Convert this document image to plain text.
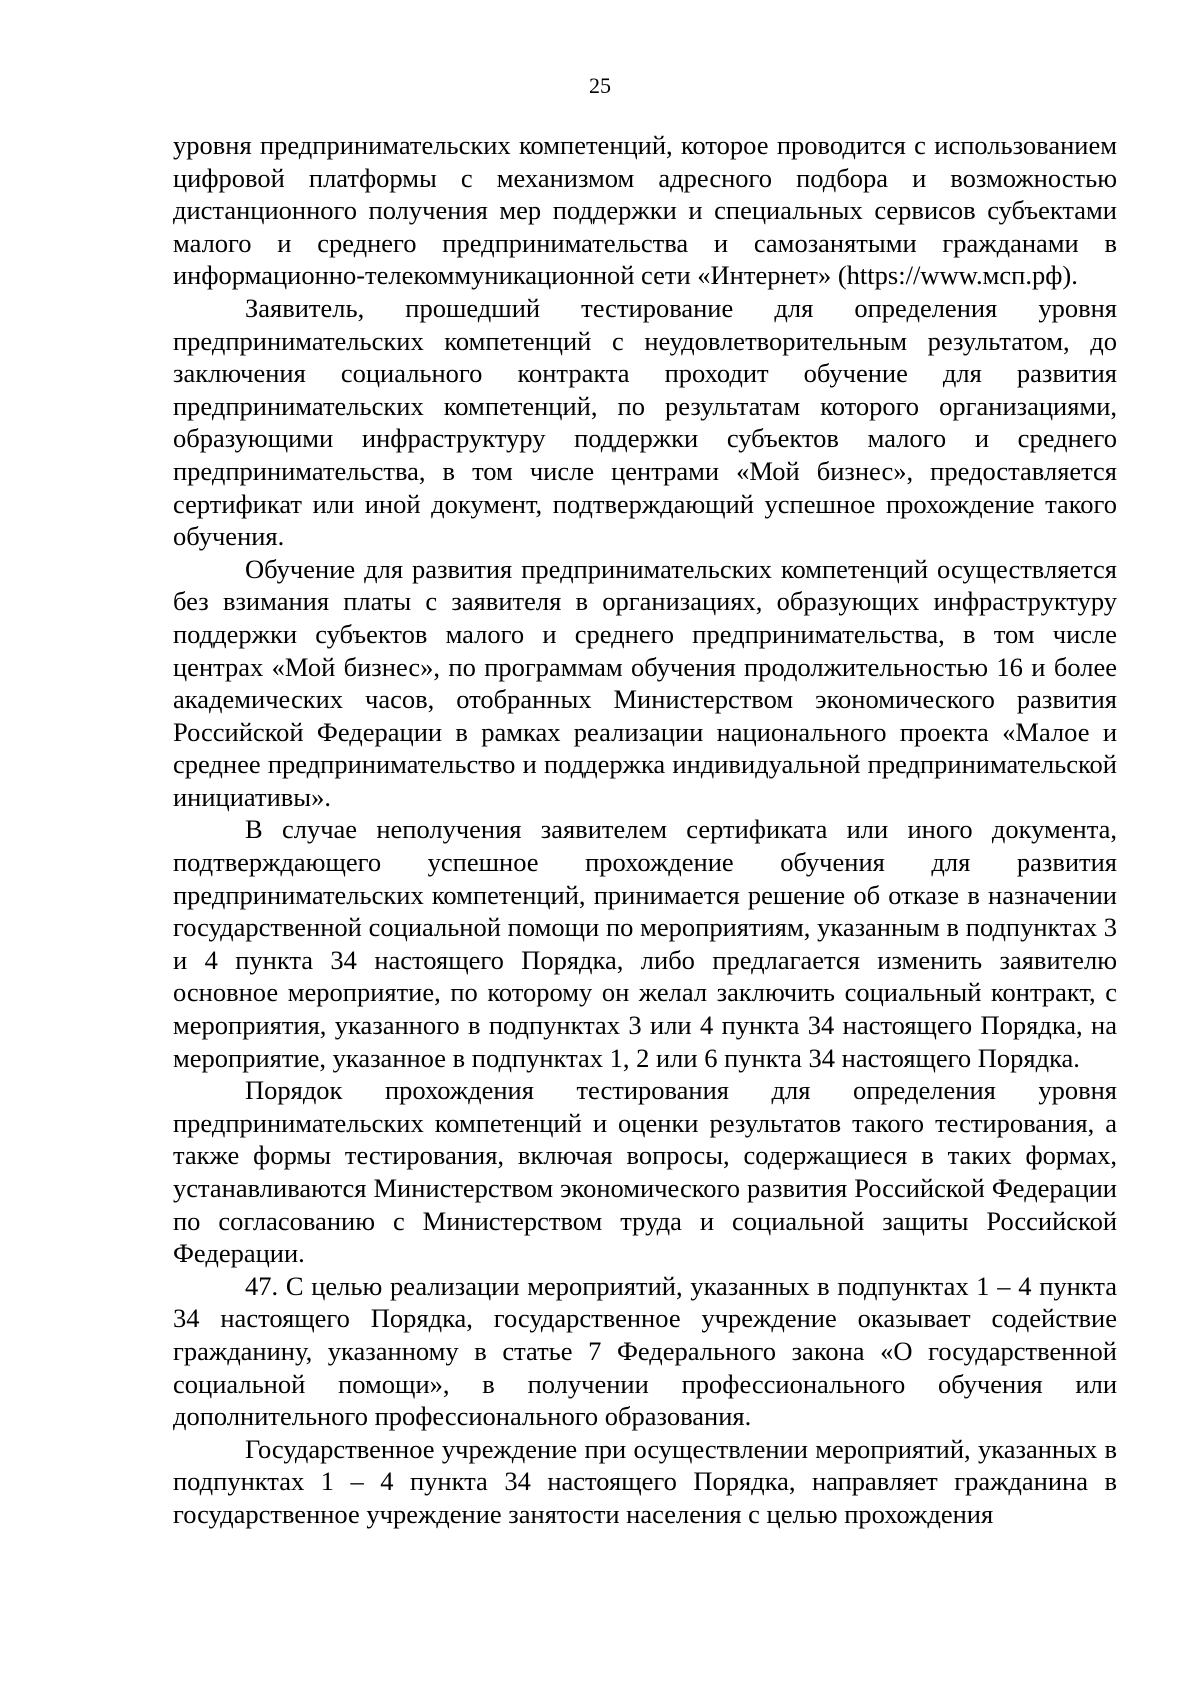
25

уровня предпринимательских компетенций, которое проводится с использованием цифровой платформы с механизмом адресного подбора и возможностью дистанционного получения мер поддержки и специальных сервисов субъектами малого и среднего предпринимательства и самозанятыми гражданами в информационно-телекоммуникационной сети «Интернет» (https://www.мсп.рф).

Заявитель, прошедший тестирование для определения уровня предпринимательских компетенций с неудовлетворительным результатом, до заключения социального контракта проходит обучение для развития предпринимательских компетенций, по результатам которого организациями, образующими инфраструктуру поддержки субъектов малого и среднего предпринимательства, в том числе центрами «Мой бизнес», предоставляется сертификат или иной документ, подтверждающий успешное прохождение такого обучения.

Обучение для развития предпринимательских компетенций осуществляется без взимания платы с заявителя в организациях, образующих инфраструктуру поддержки субъектов малого и среднего предпринимательства, в том числе центрах «Мой бизнес», по программам обучения продолжительностью 16 и более академических часов, отобранных Министерством экономического развития Российской Федерации в рамках реализации национального проекта «Малое и среднее предпринимательство и поддержка индивидуальной предпринимательской инициативы».

В случае неполучения заявителем сертификата или иного документа, подтверждающего успешное прохождение обучения для развития предпринимательских компетенций, принимается решение об отказе в назначении государственной социальной помощи по мероприятиям, указанным в подпунктах 3 и 4 пункта 34 настоящего Порядка, либо предлагается изменить заявителю основное мероприятие, по которому он желал заключить социальный контракт, с мероприятия, указанного в подпунктах 3 или 4 пункта 34 настоящего Порядка, на мероприятие, указанное в подпунктах 1, 2 или 6 пункта 34 настоящего Порядка.

Порядок прохождения тестирования для определения уровня предпринимательских компетенций и оценки результатов такого тестирования, а также формы тестирования, включая вопросы, содержащиеся в таких формах, устанавливаются Министерством экономического развития Российской Федерации по согласованию с Министерством труда и социальной защиты Российской Федерации.

47. С целью реализации мероприятий, указанных в подпунктах 1 – 4 пункта 34 настоящего Порядка, государственное учреждение оказывает содействие гражданину, указанному в статье 7 Федерального закона «О государственной социальной помощи», в получении профессионального обучения или дополнительного профессионального образования.

Государственное учреждение при осуществлении мероприятий, указанных в подпунктах 1 – 4 пункта 34 настоящего Порядка, направляет гражданина в государственное учреждение занятости населения с целью прохождения
